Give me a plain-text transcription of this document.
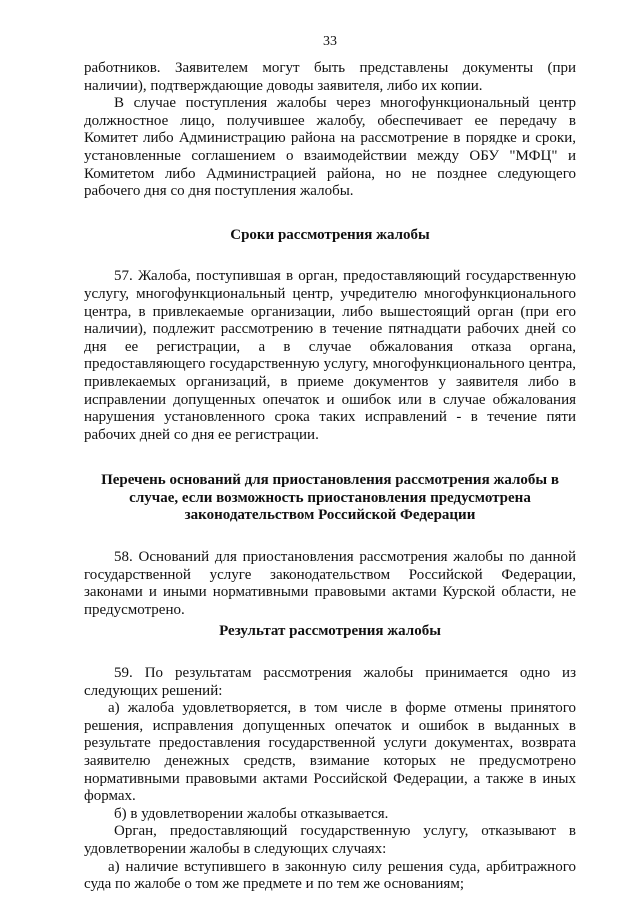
33

работников. Заявителем могут быть представлены документы (при наличии), подтверждающие доводы заявителя, либо их копии.

В случае поступления жалобы через многофункциональный центр должностное лицо, получившее жалобу, обеспечивает ее передачу в Комитет либо Администрацию района на рассмотрение в порядке и сроки, установленные соглашением о взаимодействии между ОБУ "МФЦ" и Комитетом либо Администрацией района, но не позднее следующего рабочего дня со дня поступления жалобы.

Сроки рассмотрения жалобы

57. Жалоба, поступившая в орган, предоставляющий государственную услугу, многофункциональный центр, учредителю многофункционального центра, в привлекаемые организации, либо вышестоящий орган (при его наличии), подлежит рассмотрению в течение пятнадцати рабочих дней со дня ее регистрации, а в случае обжалования отказа органа, предоставляющего государственную услугу, многофункционального центра, привлекаемых организаций, в приеме документов у заявителя либо в исправлении допущенных опечаток и ошибок или в случае обжалования нарушения установленного срока таких исправлений - в течение пяти рабочих дней со дня ее регистрации.

Перечень оснований для приостановления рассмотрения жалобы в случае, если возможность приостановления предусмотрена законодательством Российской Федерации

58. Оснований для приостановления рассмотрения жалобы по данной государственной услуге законодательством Российской Федерации, законами и иными нормативными правовыми актами Курской области, не предусмотрено.

Результат рассмотрения жалобы

59. По результатам рассмотрения жалобы принимается одно из следующих решений:

а) жалоба удовлетворяется, в том числе в форме отмены принятого решения, исправления допущенных опечаток и ошибок в выданных в результате предоставления государственной услуги документах, возврата заявителю денежных средств, взимание которых не предусмотрено нормативными правовыми актами Российской Федерации, а также в иных формах.

б) в удовлетворении жалобы отказывается.

Орган, предоставляющий государственную услугу, отказывают в удовлетворении жалобы в следующих случаях:

а) наличие вступившего в законную силу решения суда, арбитражного суда по жалобе о том же предмете и по тем же основаниям;
